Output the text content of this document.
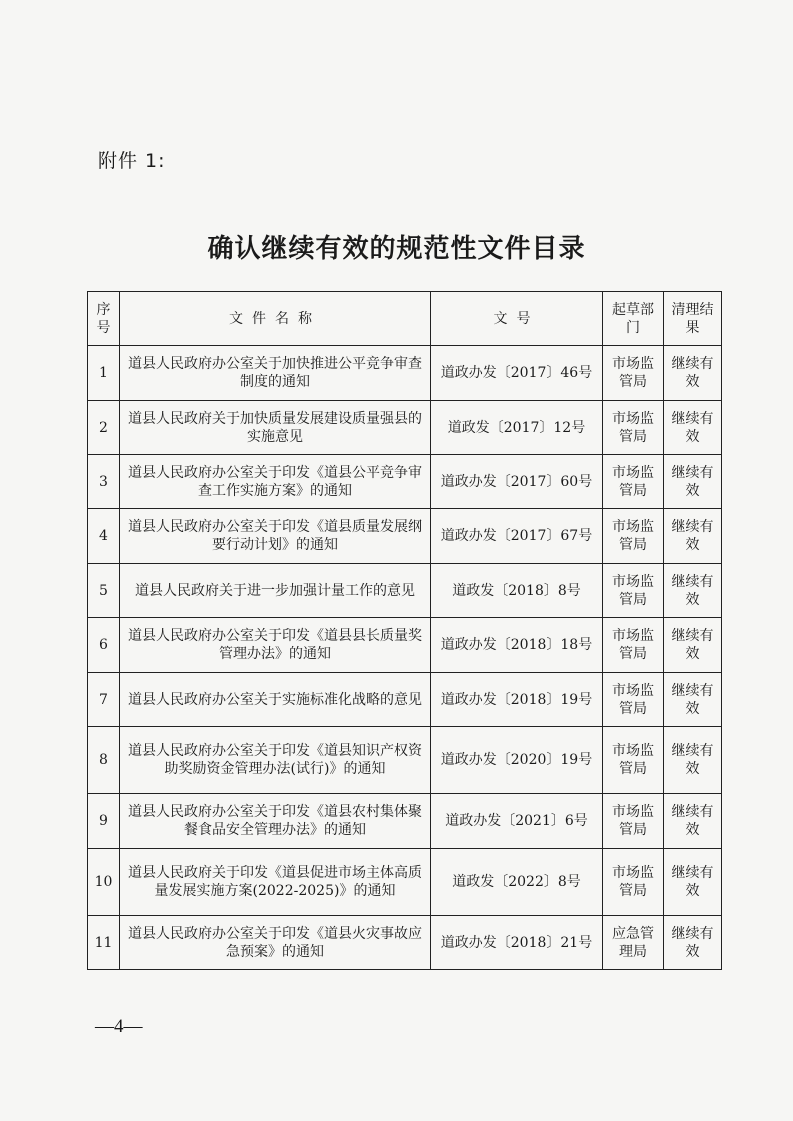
附件 1:
确认继续有效的规范性文件目录
序号	文件名称	文号	起草部门	清理结果
1	道县人民政府办公室关于加快推进公平竞争审查制度的通知	道政办发〔2017〕46号	市场监管局	继续有效
2	道县人民政府关于加快质量发展建设质量强县的实施意见	道政发〔2017〕12号	市场监管局	继续有效
3	道县人民政府办公室关于印发《道县公平竞争审查工作实施方案》的通知	道政办发〔2017〕60号	市场监管局	继续有效
4	道县人民政府办公室关于印发《道县质量发展纲要行动计划》的通知	道政办发〔2017〕67号	市场监管局	继续有效
5	道县人民政府关于进一步加强计量工作的意见	道政发〔2018〕8号	市场监管局	继续有效
6	道县人民政府办公室关于印发《道县县长质量奖管理办法》的通知	道政办发〔2018〕18号	市场监管局	继续有效
7	道县人民政府办公室关于实施标准化战略的意见	道政办发〔2018〕19号	市场监管局	继续有效
8	道县人民政府办公室关于印发《道县知识产权资助奖励资金管理办法(试行)》的通知	道政办发〔2020〕19号	市场监管局	继续有效
9	道县人民政府办公室关于印发《道县农村集体聚餐食品安全管理办法》的通知	道政办发〔2021〕6号	市场监管局	继续有效
10	道县人民政府关于印发《道县促进市场主体高质量发展实施方案(2022-2025)》的通知	道政发〔2022〕8号	市场监管局	继续有效
11	道县人民政府办公室关于印发《道县火灾事故应急预案》的通知	道政办发〔2018〕21号	应急管理局	继续有效
—4—
